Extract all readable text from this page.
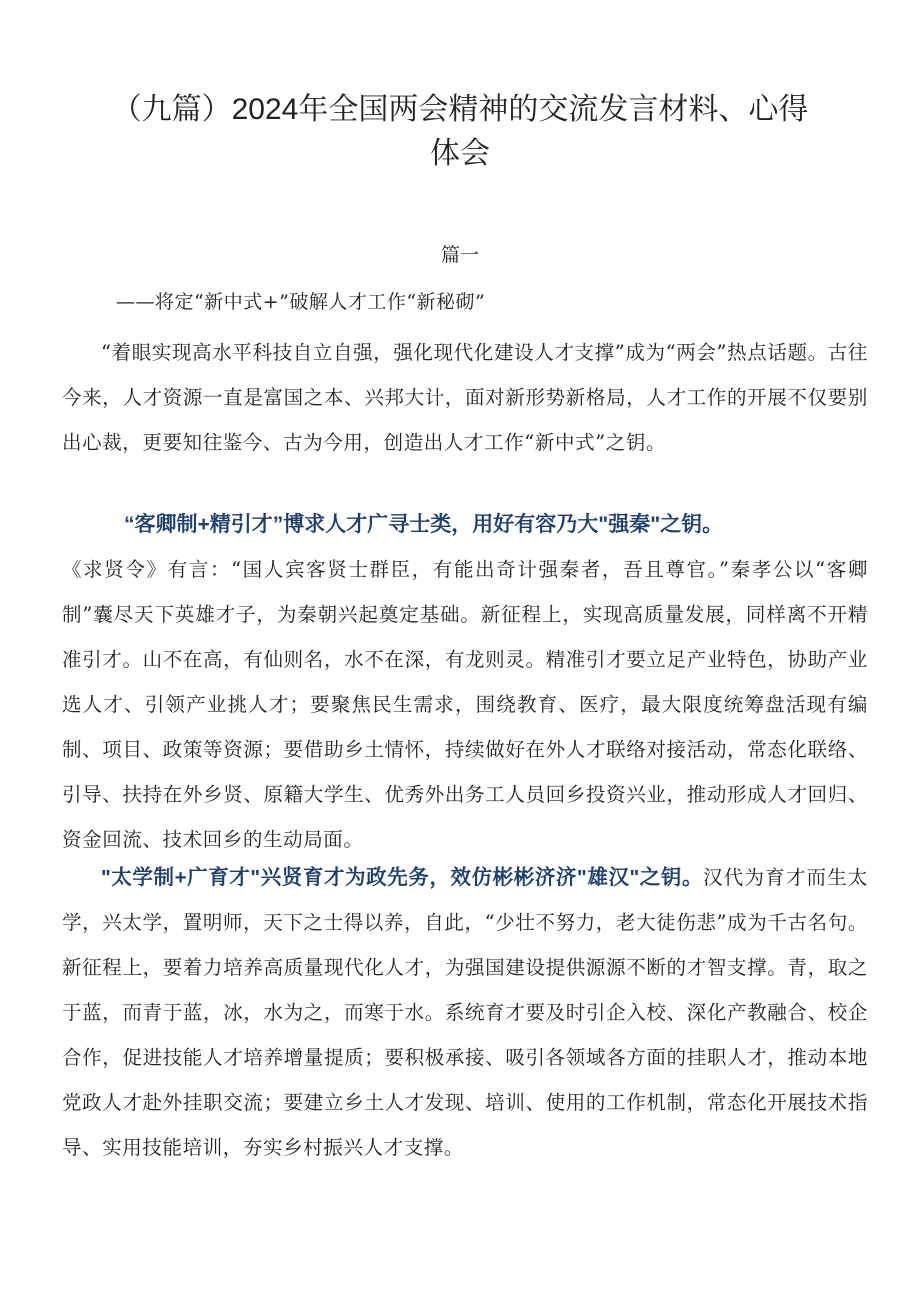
（九篇）2024年全国两会精神的交流发言材料、心得体会
篇一
——将定“新中式+”破解人才工作“新秘砌”

“着眼实现高水平科技自立自强，强化现代化建设人才支撑”成为“两会”热点话题。古往今来，人才资源一直是富国之本、兴邦大计，面对新形势新格局，人才工作的开展不仅要别出心裁，更要知往鉴今、古为今用，创造出人才工作“新中式”之钥。

“客卿制+精引才”博求人才广寻士类，用好有容乃大"强秦"之钥。

《求贤令》有言：“国人宾客贤士群臣，有能出奇计强秦者，吾且尊官。”秦孝公以“客卿制”囊尽天下英雄才子，为秦朝兴起奠定基础。新征程上，实现高质量发展，同样离不开精准引才。山不在高，有仙则名，水不在深，有龙则灵。精准引才要立足产业特色，协助产业选人才、引领产业挑人才；要聚焦民生需求，围绕教育、医疗，最大限度统筹盘活现有编制、项目、政策等资源；要借助乡土情怀，持续做好在外人才联络对接活动，常态化联络、引导、扶持在外乡贤、原籍大学生、优秀外出务工人员回乡投资兴业，推动形成人才回归、资金回流、技术回乡的生动局面。

"太学制+广育才"兴贤育才为政先务，效仿彬彬济济"雄汉"之钥。汉代为育才而生太学，兴太学，置明师，天下之士得以养，自此，“少壮不努力，老大徒伤悲”成为千古名句。新征程上，要着力培养高质量现代化人才，为强国建设提供源源不断的才智支撑。青，取之于蓝，而青于蓝，冰，水为之，而寒于水。系统育才要及时引企入校、深化产教融合、校企合作，促进技能人才培养增量提质；要积极承接、吸引各领域各方面的挂职人才，推动本地党政人才赴外挂职交流；要建立乡土人才发现、培训、使用的工作机制，常态化开展技术指导、实用技能培训，夯实乡村振兴人才支撑。
